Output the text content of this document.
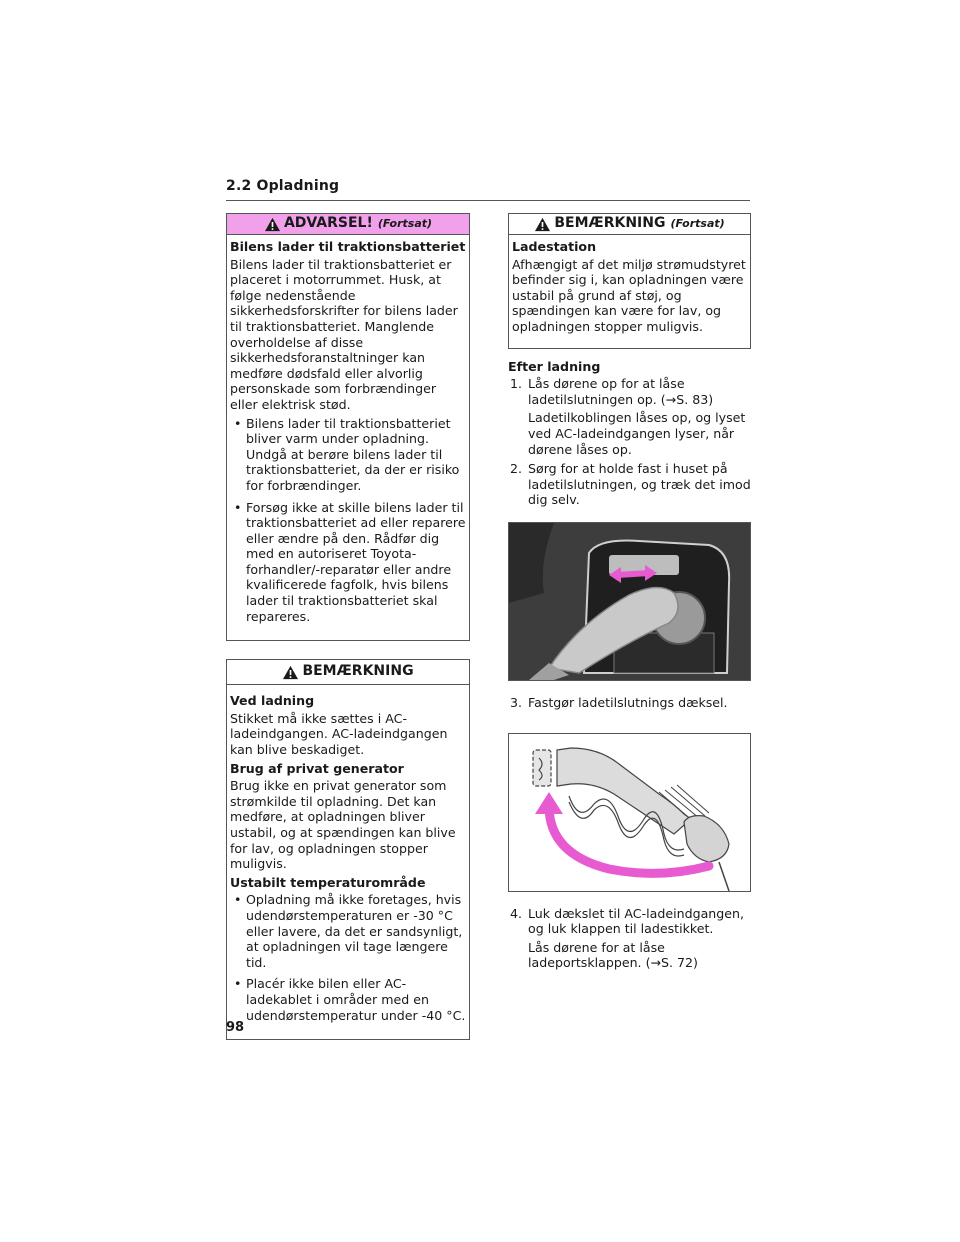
2.2 Opladning
ADVARSEL! (Fortsat)
Bilens lader til traktionsbatteriet
Bilens lader til traktionsbatteriet er placeret i motorrummet. Husk, at følge nedenstående sikkerhedsforskrifter for bilens lader til traktionsbatteriet. Manglende overholdelse af disse sikkerhedsforanstaltninger kan medføre dødsfald eller alvorlig personskade som forbrændinger eller elektrisk stød.
• Bilens lader til traktionsbatteriet bliver varm under opladning. Undgå at berøre bilens lader til traktionsbatteriet, da der er risiko for forbrændinger.
• Forsøg ikke at skille bilens lader til traktionsbatteriet ad eller reparere eller ændre på den. Rådfør dig med en autoriseret Toyota-forhandler/-reparatør eller andre kvalificerede fagfolk, hvis bilens lader til traktionsbatteriet skal repareres.
BEMÆRKNING
Ved ladning
Stikket må ikke sættes i AC-ladeindgangen. AC-ladeindgangen kan blive beskadiget.
Brug af privat generator
Brug ikke en privat generator som strømkilde til opladning. Det kan medføre, at opladningen bliver ustabil, og at spændingen kan blive for lav, og opladningen stopper muligvis.
Ustabilt temperaturområde
• Opladning må ikke foretages, hvis udendørstemperaturen er -30 °C eller lavere, da det er sandsynligt, at opladningen vil tage længere tid.
• Placér ikke bilen eller AC-ladekablet i områder med en udendørstemperatur under -40 °C.
BEMÆRKNING (Fortsat)
Ladestation
Afhængigt af det miljø strømudstyret befinder sig i, kan opladningen være ustabil på grund af støj, og spændingen kan være for lav, og opladningen stopper muligvis.
Efter ladning
1. Lås dørene op for at låse ladetilslutningen op. (→S. 83)
Ladetilkoblingen låses op, og lyset ved AC-ladeindgangen lyser, når dørene låses op.
2. Sørg for at holde fast i huset på ladetilslutningen, og træk det imod dig selv.
3. Fastgør ladetilslutnings dæksel.
4. Luk dækslet til AC-ladeindgangen, og luk klappen til ladestikket.
Lås dørene for at låse ladeportsklappen. (→S. 72)
98
